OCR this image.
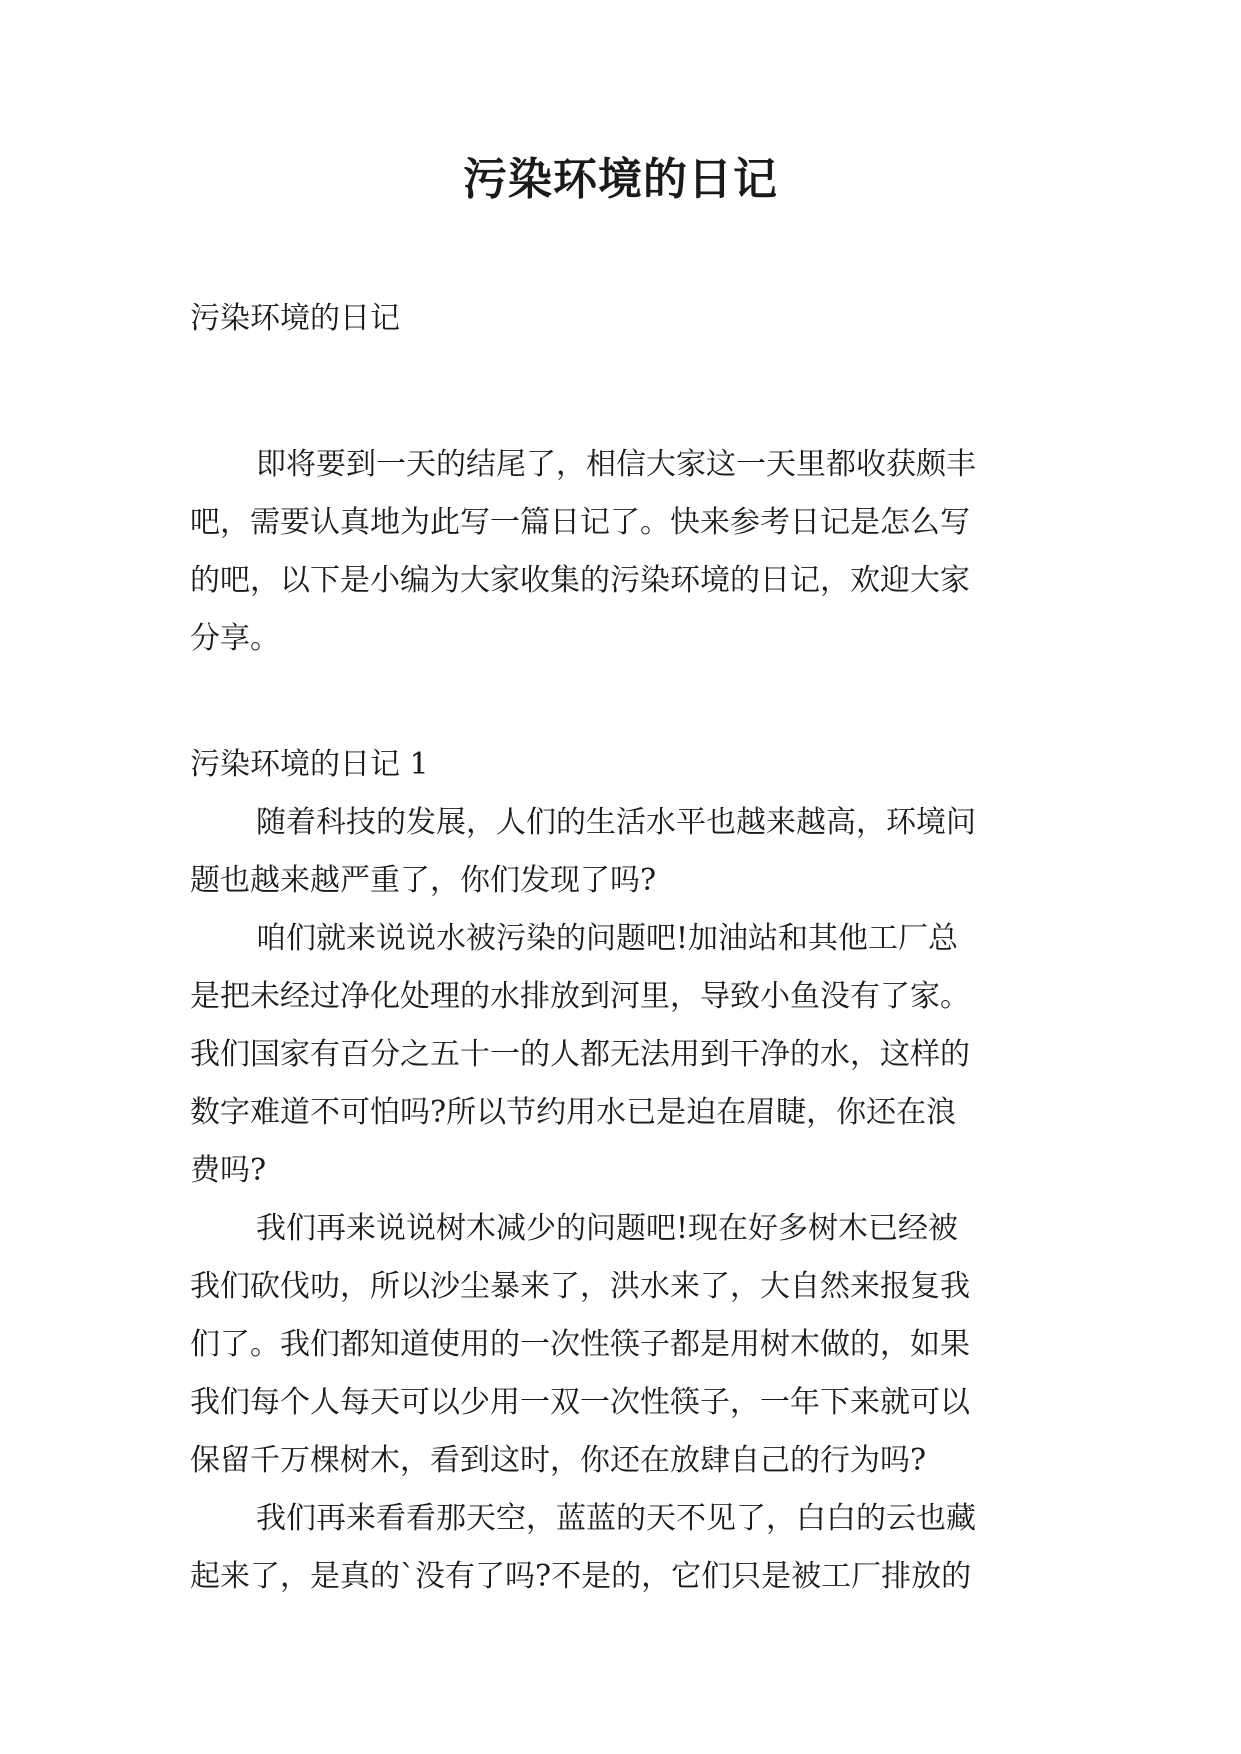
污染环境的日记

污染环境的日记

即将要到一天的结尾了，相信大家这一天里都收获颇丰

吧，需要认真地为此写一篇日记了。快来参考日记是怎么写

的吧，以下是小编为大家收集的污染环境的日记，欢迎大家

分享。

污染环境的日记 1

随着科技的发展，人们的生活水平也越来越高，环境问

题也越来越严重了，你们发现了吗?

咱们就来说说水被污染的问题吧!加油站和其他工厂总

是把未经过净化处理的水排放到河里，导致小鱼没有了家。

我们国家有百分之五十一的人都无法用到干净的水，这样的

数字难道不可怕吗?所以节约用水已是迫在眉睫，你还在浪

费吗?

我们再来说说树木减少的问题吧!现在好多树木已经被

我们砍伐叻，所以沙尘暴来了，洪水来了，大自然来报复我

们了。我们都知道使用的一次性筷子都是用树木做的，如果

我们每个人每天可以少用一双一次性筷子，一年下来就可以

保留千万棵树木，看到这时，你还在放肆自己的行为吗?

我们再来看看那天空，蓝蓝的天不见了，白白的云也藏

起来了，是真的`没有了吗?不是的，它们只是被工厂排放的
